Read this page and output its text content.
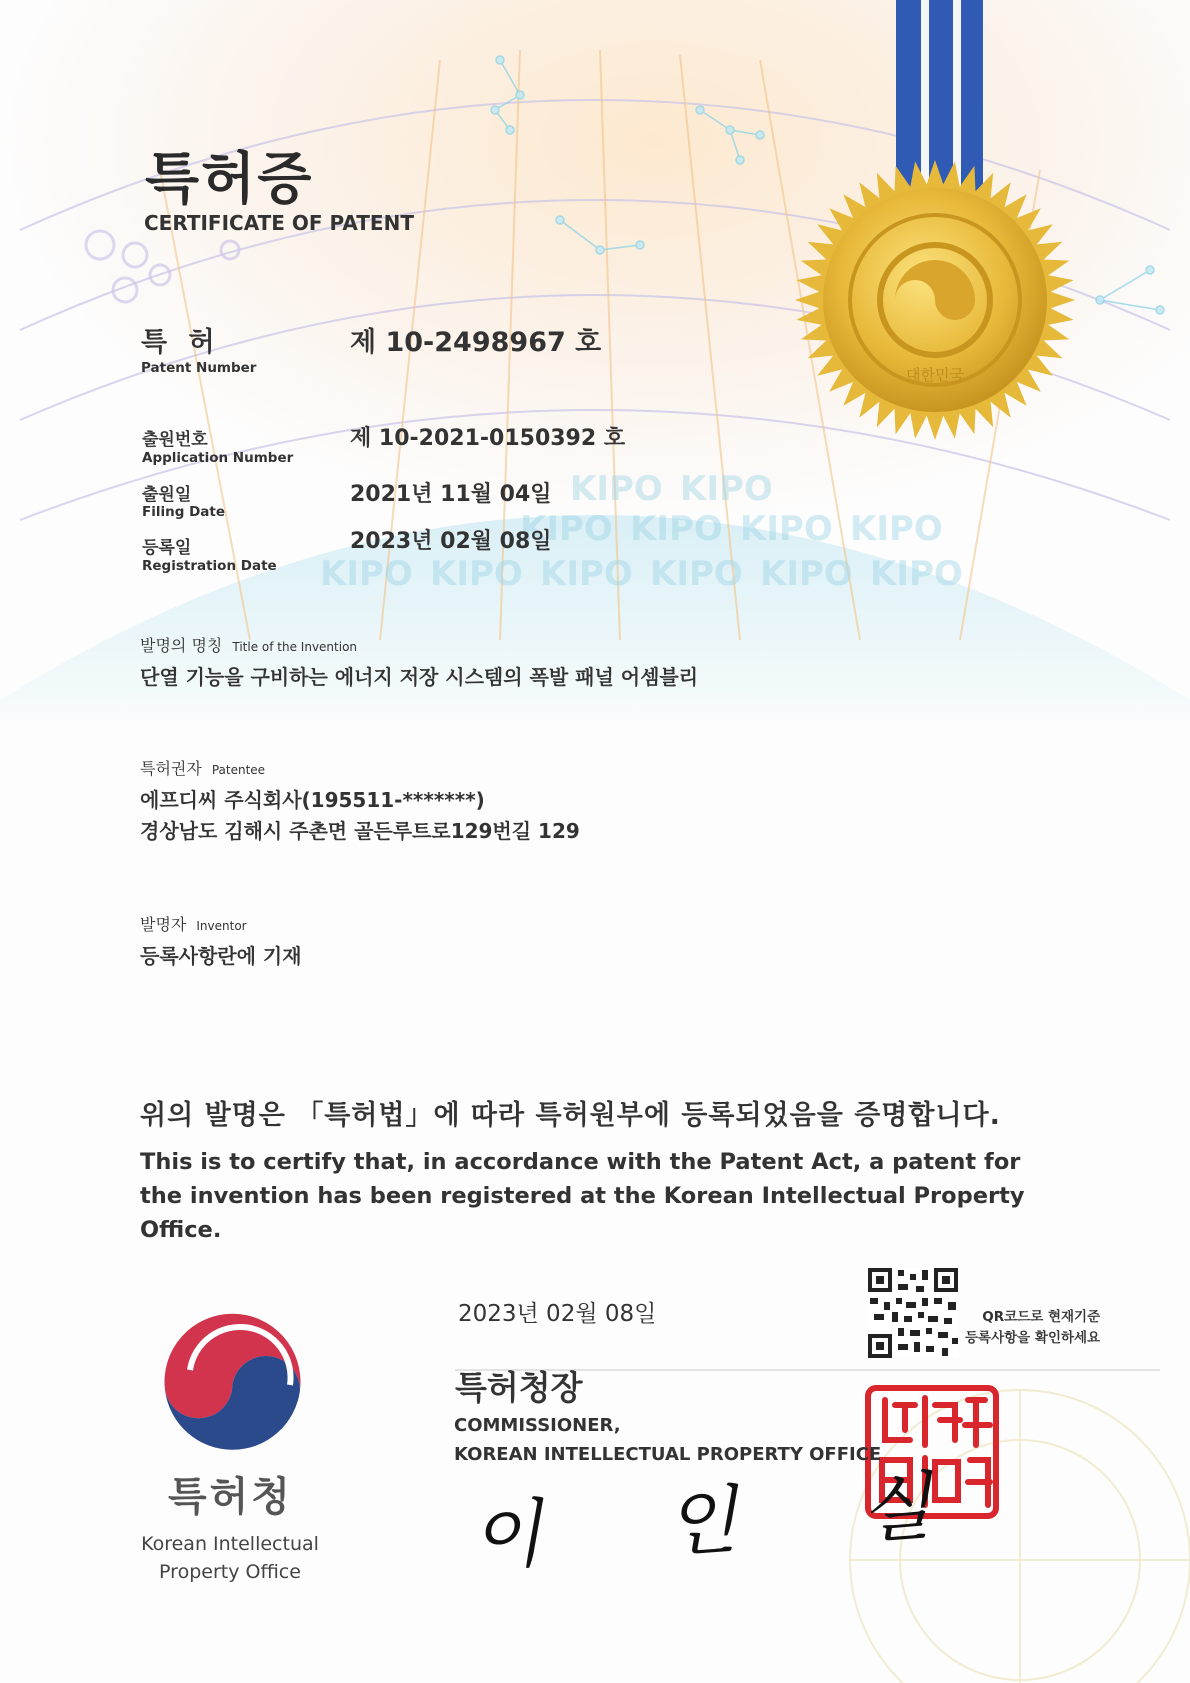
KIPO KIPO
KIPO KIPO KIPO KIPO
KIPO KIPO KIPO KIPO KIPO KIPO
대한민국
특허증
CERTIFICATE OF PATENT
특 허
Patent Number
제 10-2498967 호
출원번호
Application Number
제 10-2021-0150392 호
출원일
Filing Date
2021년 11월 04일
등록일
Registration Date
2023년 02월 08일
발명의 명칭 Title of the Invention
단열 기능을 구비하는 에너지 저장 시스템의 폭발 패널 어셈블리
특허권자 Patentee
에프디씨 주식회사(195511-*******)
경상남도 김해시 주촌면 골든루트로129번길 129
발명자 Inventor
등록사항란에 기재
위의 발명은 「특허법」에 따라 특허원부에 등록되었음을 증명합니다.
This is to certify that, in accordance with the Patent Act, a patent for the invention has been registered at the Korean Intellectual Property Office.
2023년 02월 08일
특허청장
COMMISSIONER,
KOREAN INTELLECTUAL PROPERTY OFFICE
이 인 실
QR코드로 현재기준
등록사항을 확인하세요
특허청
Korean Intellectual
Property Office
